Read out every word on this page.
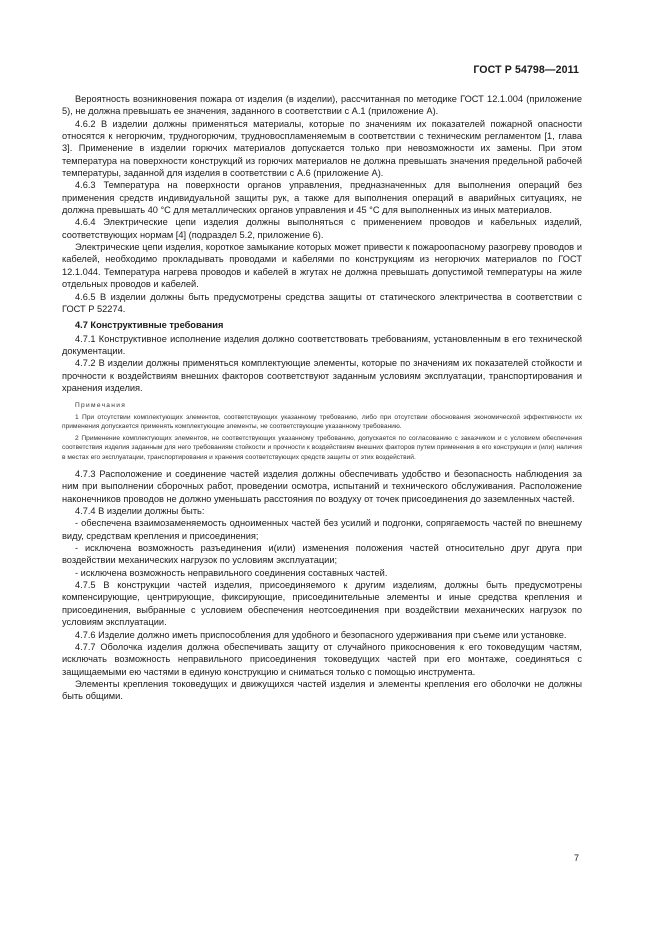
ГОСТ Р 54798—2011

Вероятность возникновения пожара от изделия (в изделии), рассчитанная по методике ГОСТ 12.1.004 (приложение 5), не должна превышать ее значения, заданного в соответствии с А.1 (приложение А).

4.6.2 В изделии должны применяться материалы, которые по значениям их показателей пожарной опасности относятся к негорючим, трудногорючим, трудновоспламеняемым в соответствии с техническим регламентом [1, глава 3]. Применение в изделии горючих материалов допускается только при невозможности их замены. При этом температура на поверхности конструкций из горючих материалов не должна превышать значения предельной рабочей температуры, заданной для изделия в соответствии с А.6 (приложение А).

4.6.3 Температура на поверхности органов управления, предназначенных для выполнения операций без применения средств индивидуальной защиты рук, а также для выполнения операций в аварийных ситуациях, не должна превышать 40 °С для металлических органов управления и 45 °С для выполненных из иных материалов.

4.6.4 Электрические цепи изделия должны выполняться с применением проводов и кабельных изделий, соответствующих нормам [4] (подраздел 5.2, приложение 6).

Электрические цепи изделия, короткое замыкание которых может привести к пожароопасному разогреву проводов и кабелей, необходимо прокладывать проводами и кабелями по конструкциям из негорючих материалов по ГОСТ 12.1.044. Температура нагрева проводов и кабелей в жгутах не должна превышать допустимой температуры на жиле отдельных проводов и кабелей.

4.6.5 В изделии должны быть предусмотрены средства защиты от статического электричества в соответствии с ГОСТ Р 52274.

4.7 Конструктивные требования

4.7.1 Конструктивное исполнение изделия должно соответствовать требованиям, установленным в его технической документации.

4.7.2 В изделии должны применяться комплектующие элементы, которые по значениям их показателей стойкости и прочности к воздействиям внешних факторов соответствуют заданным условиям эксплуатации, транспортирования и хранения изделия.

Примечания

1 При отсутствии комплектующих элементов, соответствующих указанному требованию, либо при отсутствии обоснования экономической эффективности их применения допускается применять комплектующие элементы, не соответствующие указанному требованию.

2 Применение комплектующих элементов, не соответствующих указанному требованию, допускается по согласованию с заказчиком и с условием обеспечения соответствия изделия заданным для него требованиям стойкости и прочности к воздействиям внешних факторов путем применения в его конструкции и (или) наличия в местах его эксплуатации, транспортирования и хранения соответствующих средств защиты от этих воздействий.

4.7.3 Расположение и соединение частей изделия должны обеспечивать удобство и безопасность наблюдения за ним при выполнении сборочных работ, проведении осмотра, испытаний и технического обслуживания. Расположение наконечников проводов не должно уменьшать расстояния по воздуху от точек присоединения до заземленных частей.

4.7.4 В изделии должны быть:

- обеспечена взаимозаменяемость одноименных частей без усилий и подгонки, сопрягаемость частей по внешнему виду, средствам крепления и присоединения;

- исключена возможность разъединения и(или) изменения положения частей относительно друг друга при воздействии механических нагрузок по условиям эксплуатации;

- исключена возможность неправильного соединения составных частей.

4.7.5 В конструкции частей изделия, присоединяемого к другим изделиям, должны быть предусмотрены компенсирующие, центрирующие, фиксирующие, присоединительные элементы и иные средства крепления и присоединения, выбранные с условием обеспечения неотсоединения при воздействии механических нагрузок по условиям эксплуатации.

4.7.6 Изделие должно иметь приспособления для удобного и безопасного удерживания при съеме или установке.

4.7.7 Оболочка изделия должна обеспечивать защиту от случайного прикосновения к его токоведущим частям, исключать возможность неправильного присоединения токоведущих частей при его монтаже, соединяться с защищаемыми ею частями в единую конструкцию и сниматься только с помощью инструмента.

Элементы крепления токоведущих и движущихся частей изделия и элементы крепления его оболочки не должны быть общими.

7
